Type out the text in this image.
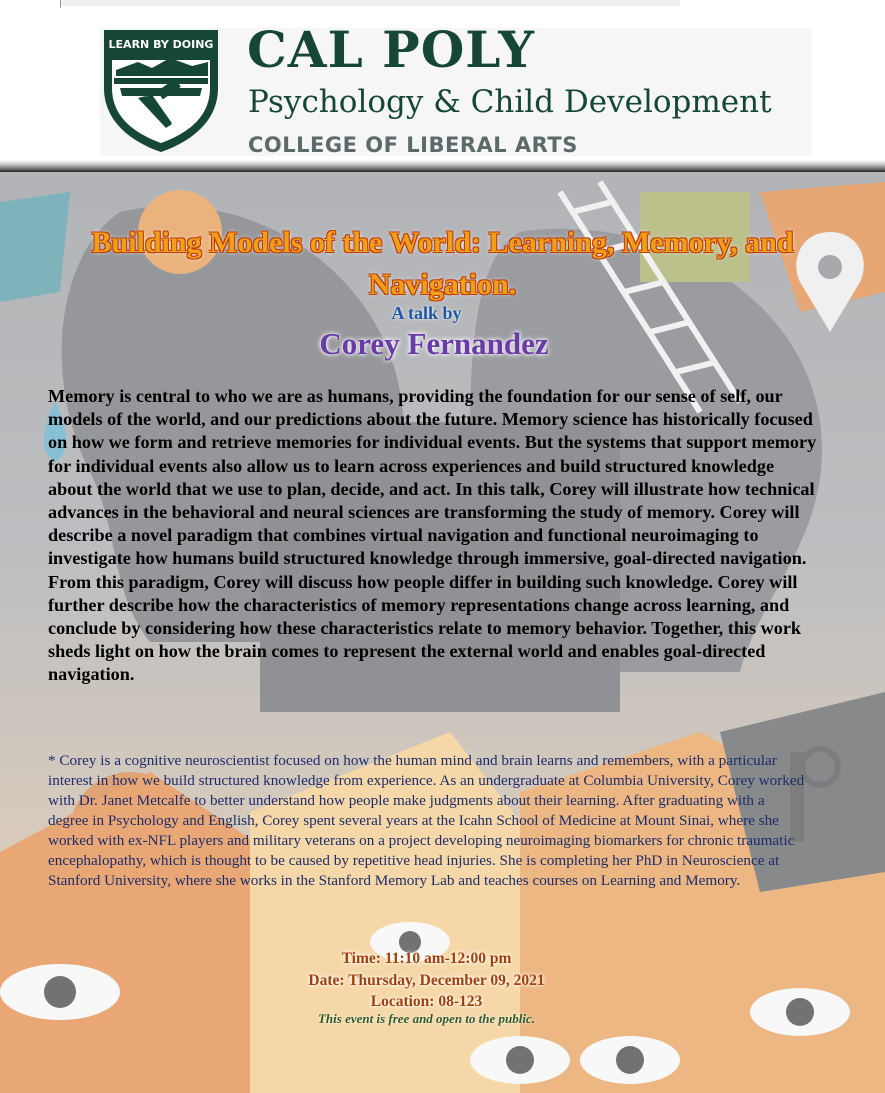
LEARN BY DOING CAL POLY
Psychology & Child Development
COLLEGE OF LIBERAL ARTS
Building Models of the World: Learning, Memory, and Navigation.
A talk by
Corey Fernandez
Memory is central to who we are as humans, providing the foundation for our sense of self, our models of the world, and our predictions about the future. Memory science has historically focused on how we form and retrieve memories for individual events. But the systems that support memory for individual events also allow us to learn across experiences and build structured knowledge about the world that we use to plan, decide, and act. In this talk, Corey will illustrate how technical advances in the behavioral and neural sciences are transforming the study of memory. Corey will describe a novel paradigm that combines virtual navigation and functional neuroimaging to investigate how humans build structured knowledge through immersive, goal-directed navigation. From this paradigm, Corey will discuss how people differ in building such knowledge. Corey will further describe how the characteristics of memory representations change across learning, and conclude by considering how these characteristics relate to memory behavior. Together, this work sheds light on how the brain comes to represent the external world and enables goal-directed navigation.
* Corey is a cognitive neuroscientist focused on how the human mind and brain learns and remembers, with a particular interest in how we build structured knowledge from experience. As an undergraduate at Columbia University, Corey worked with Dr. Janet Metcalfe to better understand how people make judgments about their learning. After graduating with a degree in Psychology and English, Corey spent several years at the Icahn School of Medicine at Mount Sinai, where she worked with ex-NFL players and military veterans on a project developing neuroimaging biomarkers for chronic traumatic encephalopathy, which is thought to be caused by repetitive head injuries. She is completing her PhD in Neuroscience at Stanford University, where she works in the Stanford Memory Lab and teaches courses on Learning and Memory.
Time: 11:10 am-12:00 pm
Date: Thursday, December 09, 2021
Location: 08-123
This event is free and open to the public.
